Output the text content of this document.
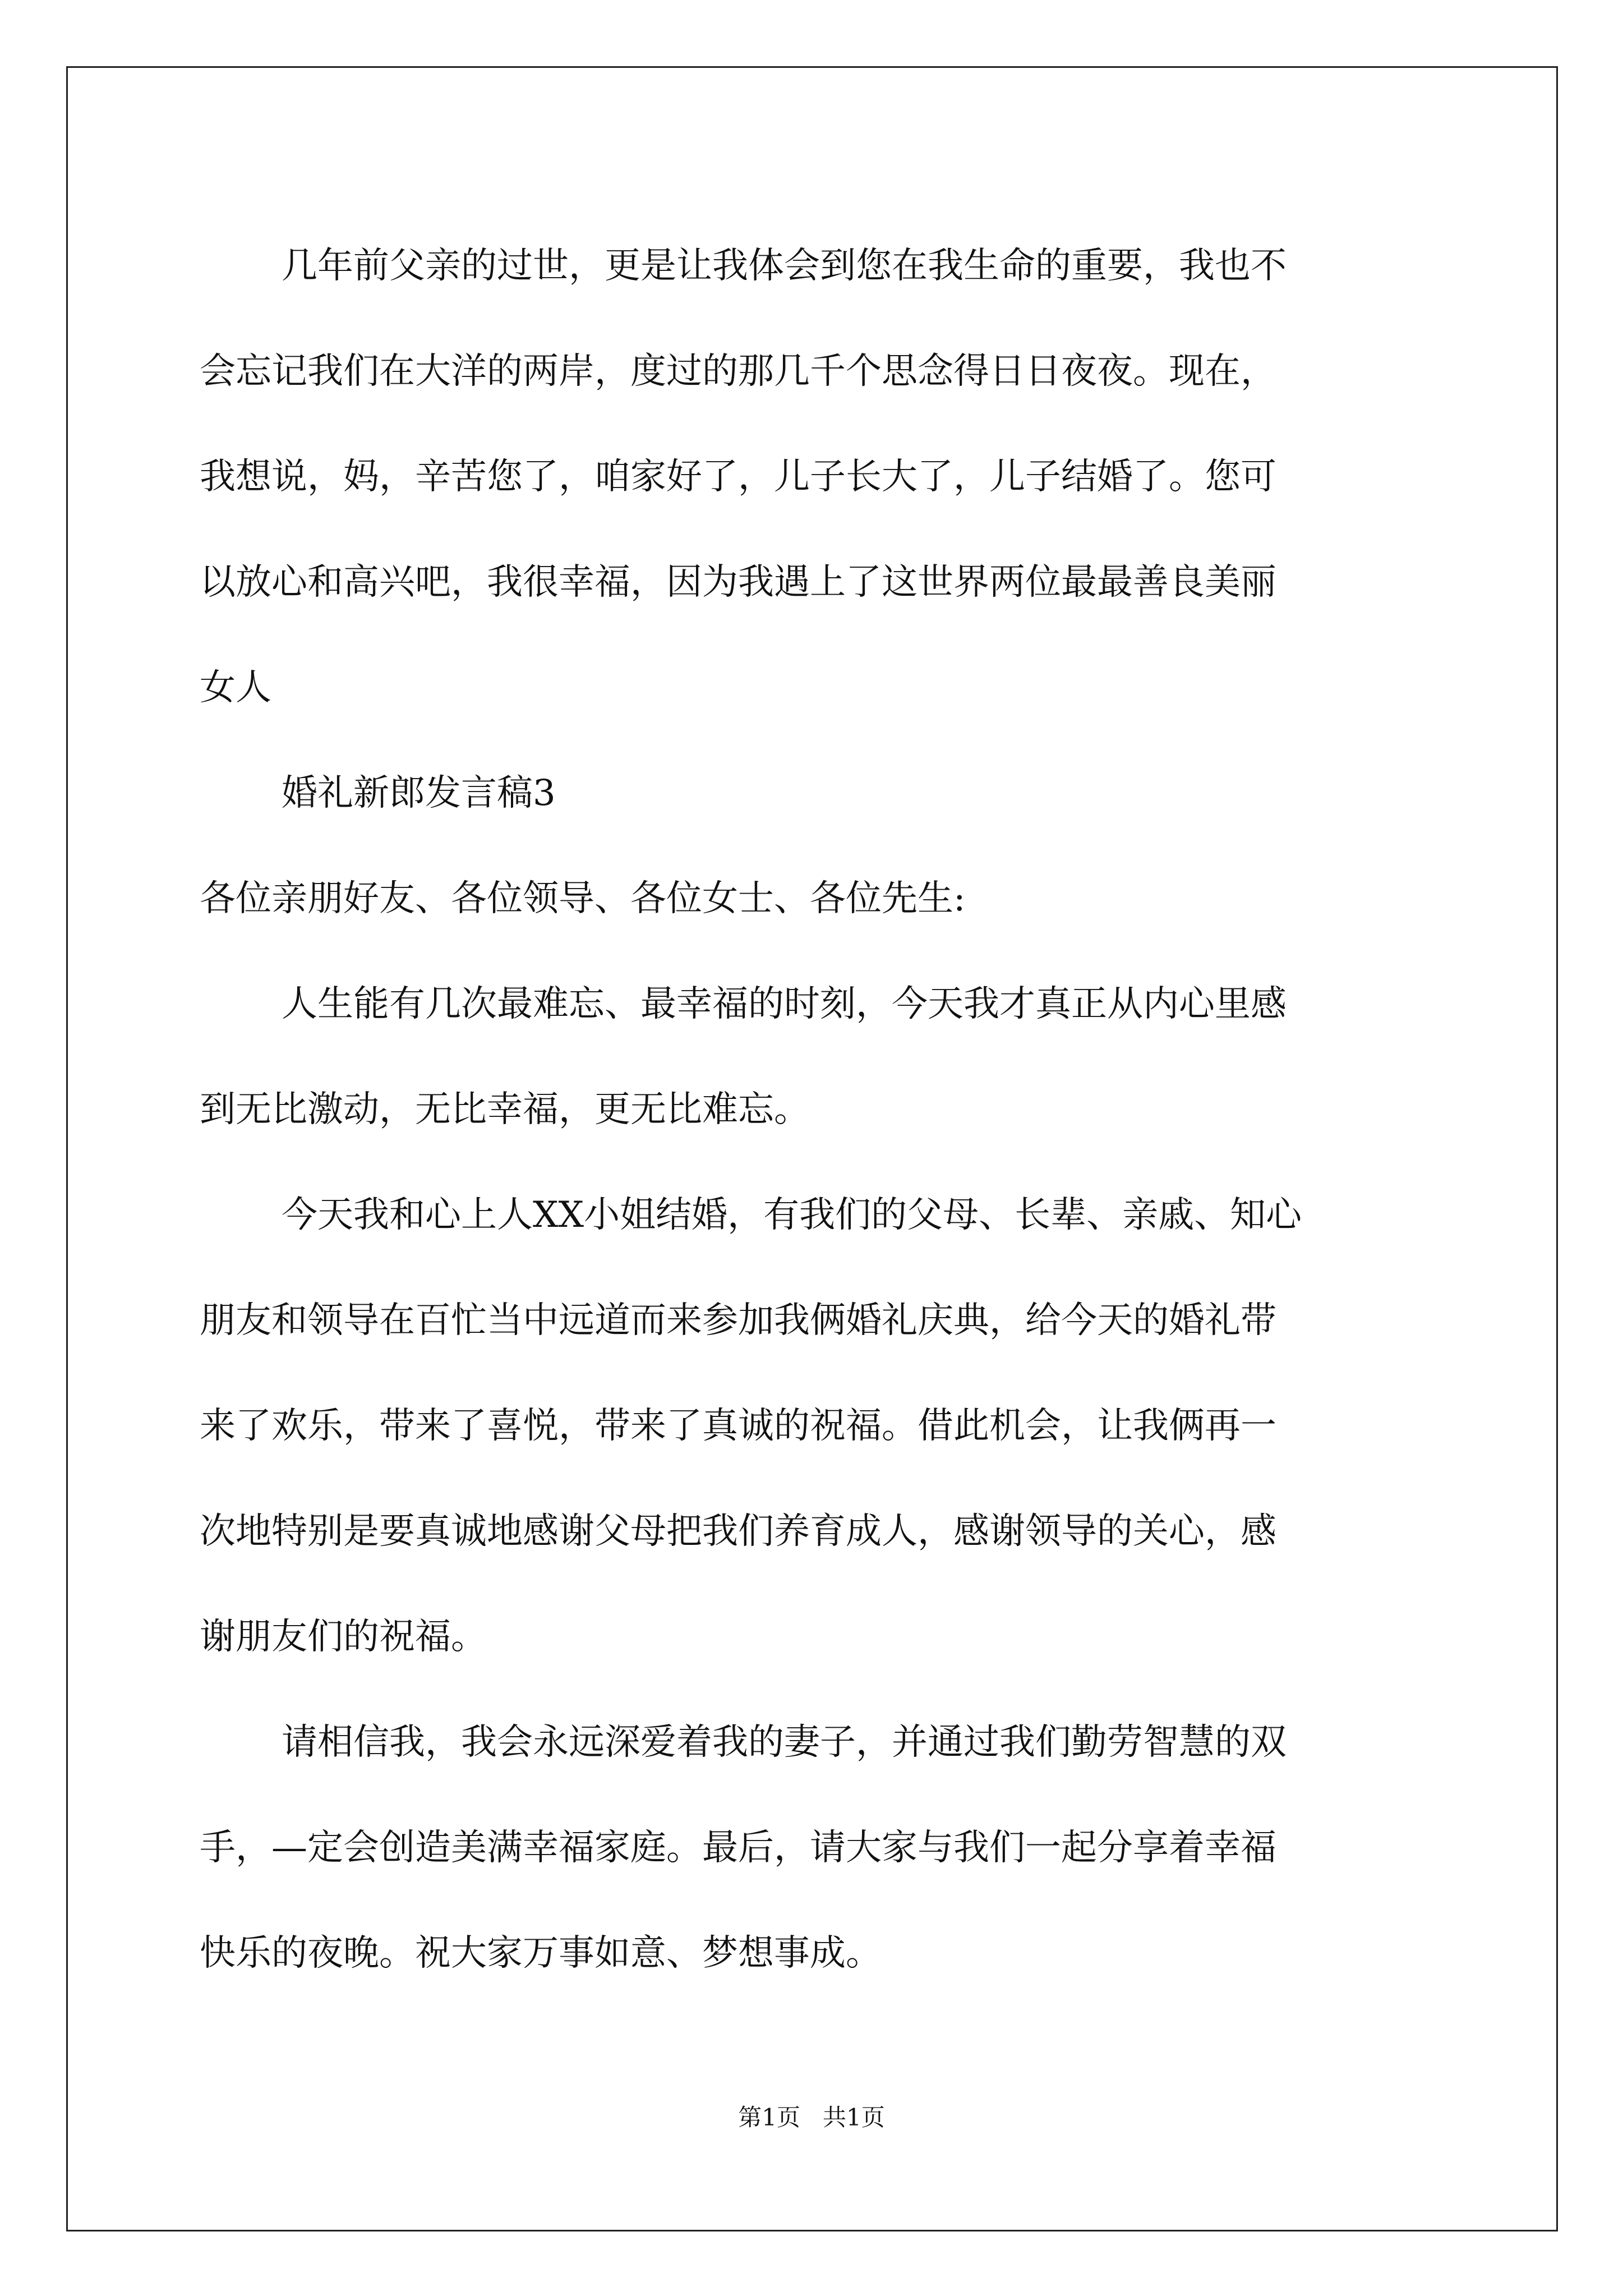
几年前父亲的过世，更是让我体会到您在我生命的重要，我也不

会忘记我们在大洋的两岸，度过的那几千个思念得日日夜夜。现在，

我想说，妈，辛苦您了，咱家好了，儿子长大了，儿子结婚了。您可

以放心和高兴吧，我很幸福，因为我遇上了这世界两位最最善良美丽

女人

婚礼新郎发言稿3

各位亲朋好友、各位领导、各位女士、各位先生:

人生能有几次最难忘、最幸福的时刻，今天我才真正从内心里感

到无比激动，无比幸福，更无比难忘。

今天我和心上人XX小姐结婚，有我们的父母、长辈、亲戚、知心

朋友和领导在百忙当中远道而来参加我俩婚礼庆典，给今天的婚礼带

来了欢乐，带来了喜悦，带来了真诚的祝福。借此机会，让我俩再一

次地特别是要真诚地感谢父母把我们养育成人，感谢领导的关心，感

谢朋友们的祝福。

请相信我，我会永远深爱着我的妻子，并通过我们勤劳智慧的双

手，—定会创造美满幸福家庭。最后，请大家与我们一起分享着幸福

快乐的夜晚。祝大家万事如意、梦想事成。

第1页   共1页
